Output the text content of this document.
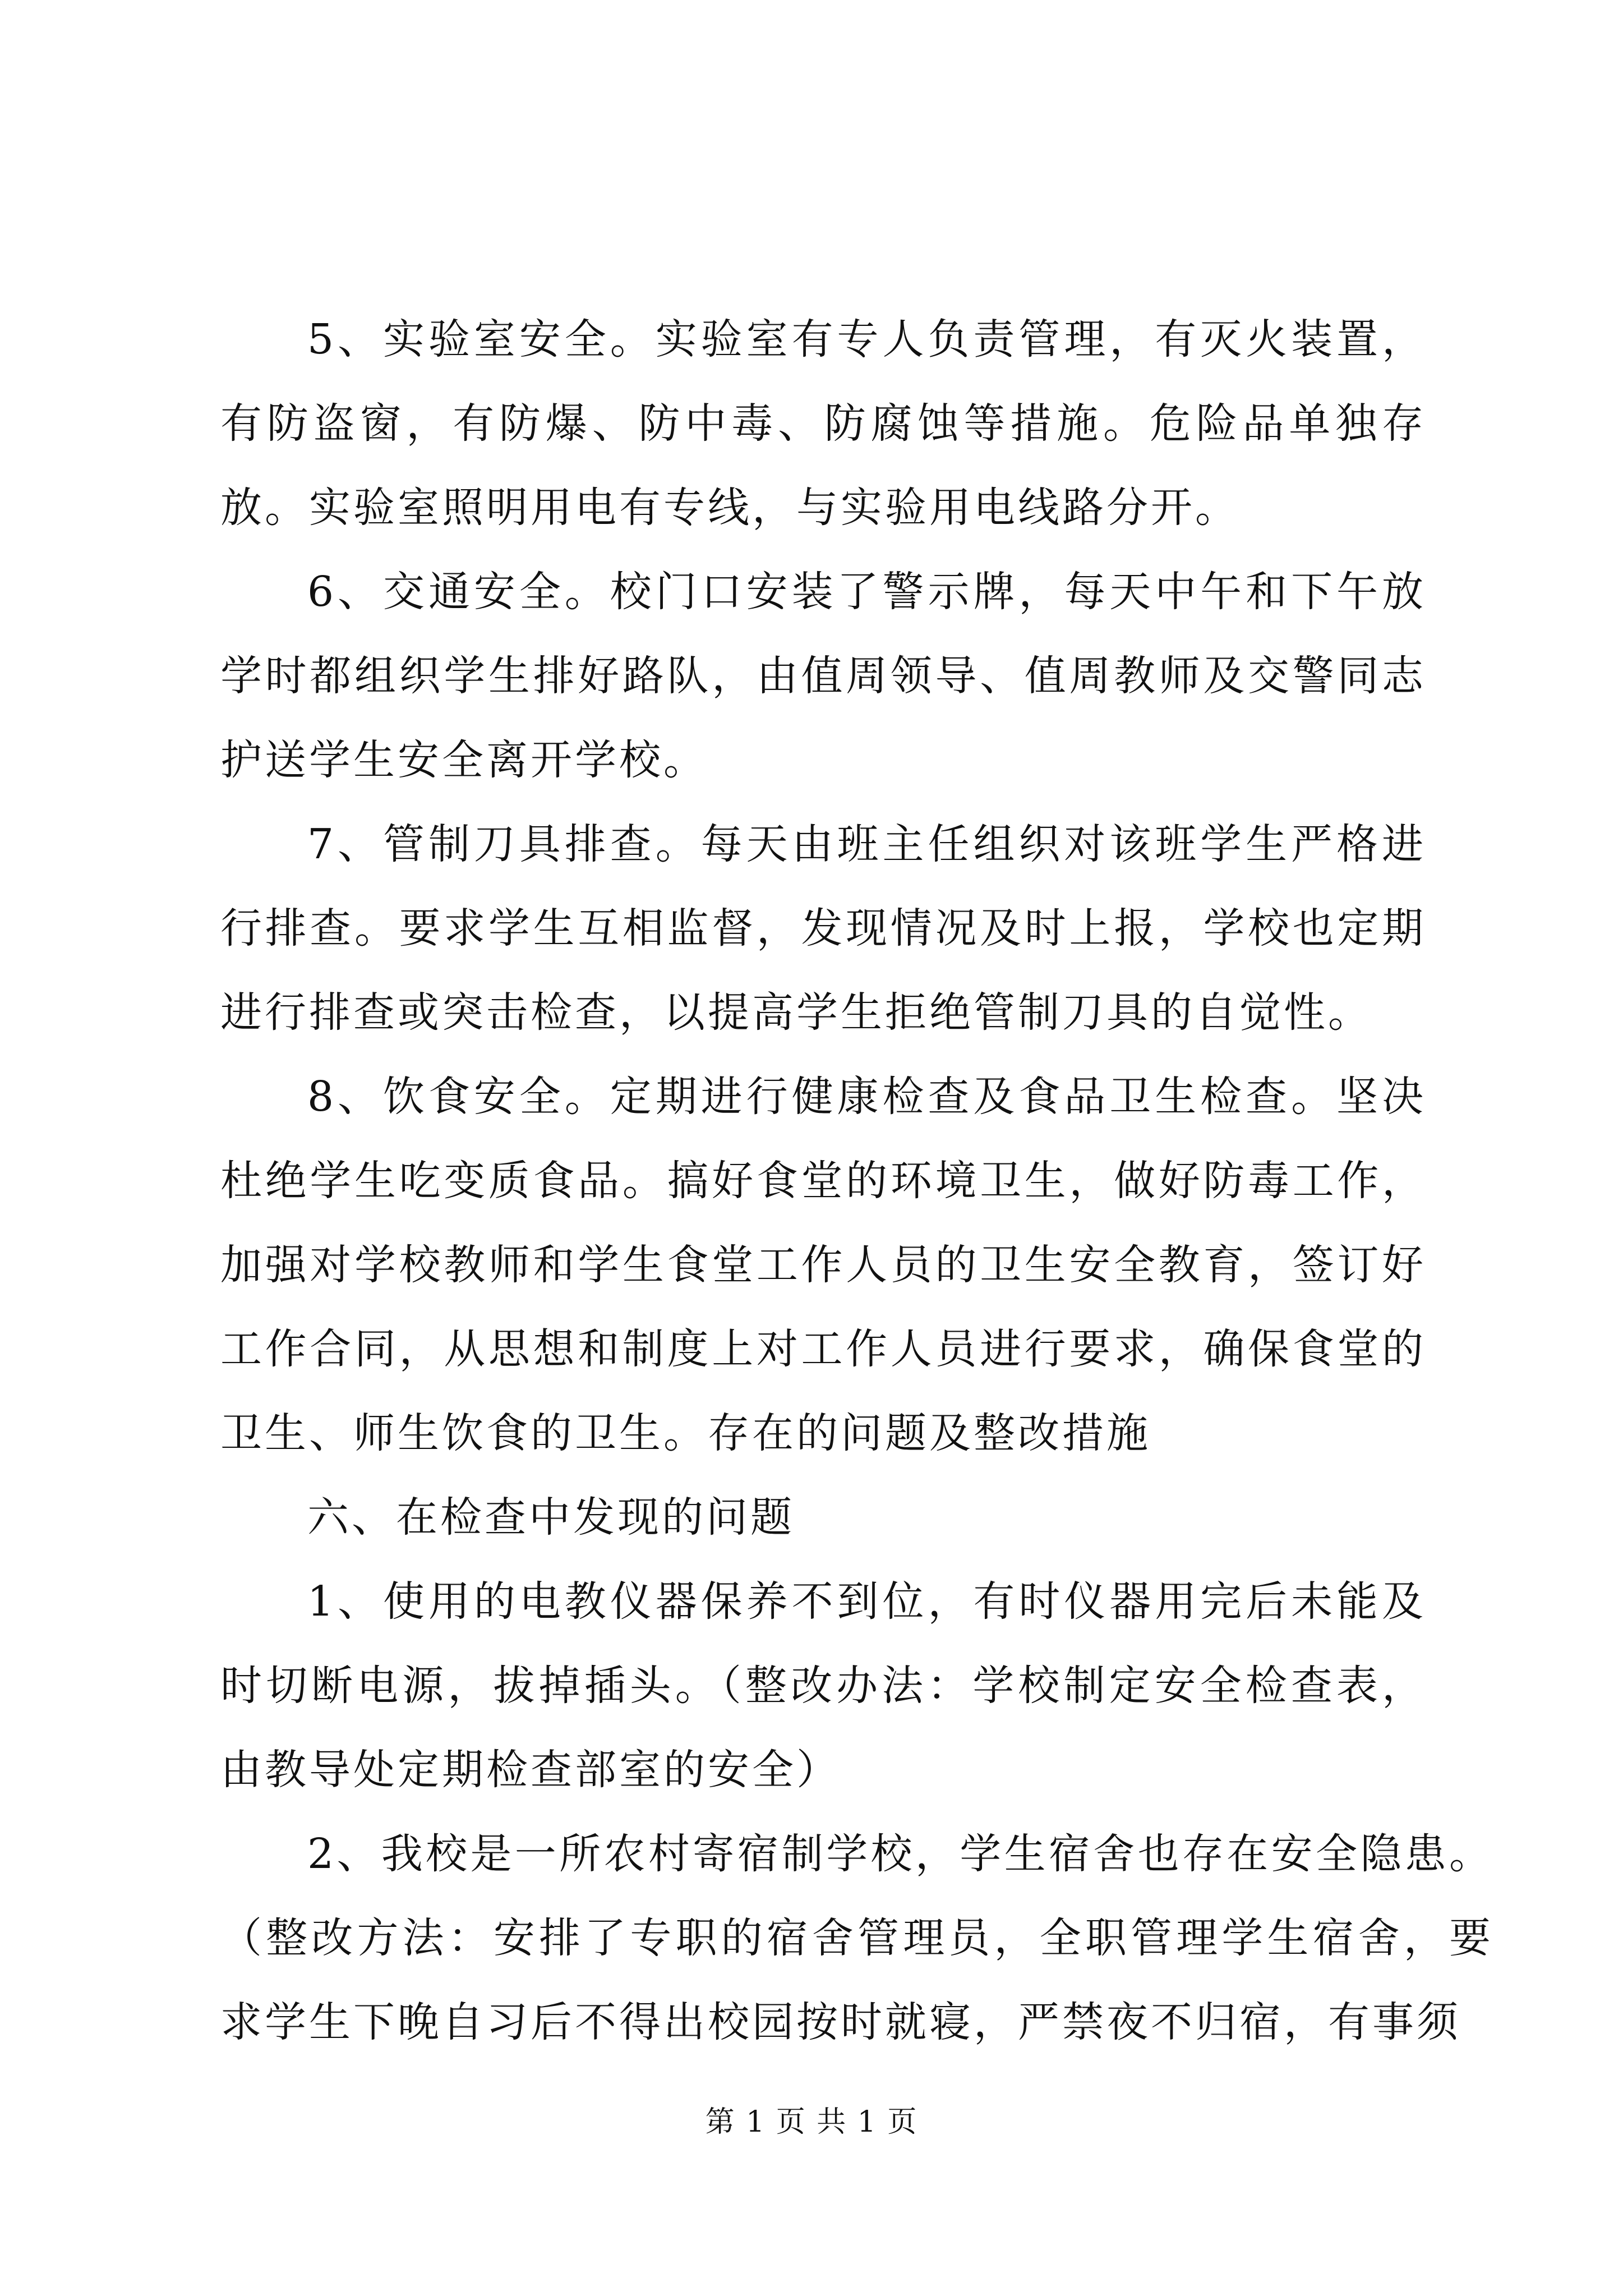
5、实验室安全。实验室有专人负责管理，有灭火装置，有防盗窗，有防爆、防中毒、防腐蚀等措施。危险品单独存放。实验室照明用电有专线，与实验用电线路分开。

6、交通安全。校门口安装了警示牌，每天中午和下午放学时都组织学生排好路队，由值周领导、值周教师及交警同志护送学生安全离开学校。

7、管制刀具排查。每天由班主任组织对该班学生严格进行排查。要求学生互相监督，发现情况及时上报，学校也定期进行排查或突击检查，以提高学生拒绝管制刀具的自觉性。

8、饮食安全。定期进行健康检查及食品卫生检查。坚决杜绝学生吃变质食品。搞好食堂的环境卫生，做好防毒工作，加强对学校教师和学生食堂工作人员的卫生安全教育，签订好工作合同，从思想和制度上对工作人员进行要求，确保食堂的卫生、师生饮食的卫生。存在的问题及整改措施

六、在检查中发现的问题

1、使用的电教仪器保养不到位，有时仪器用完后未能及时切断电源，拔掉插头。（整改办法：学校制定安全检查表，由教导处定期检查部室的安全）

2、我校是一所农村寄宿制学校，学生宿舍也存在安全隐患。（整改方法：安排了专职的宿舍管理员，全职管理学生宿舍，要求学生下晚自习后不得出校园按时就寝，严禁夜不归宿，有事须

第 1 页 共 1 页
